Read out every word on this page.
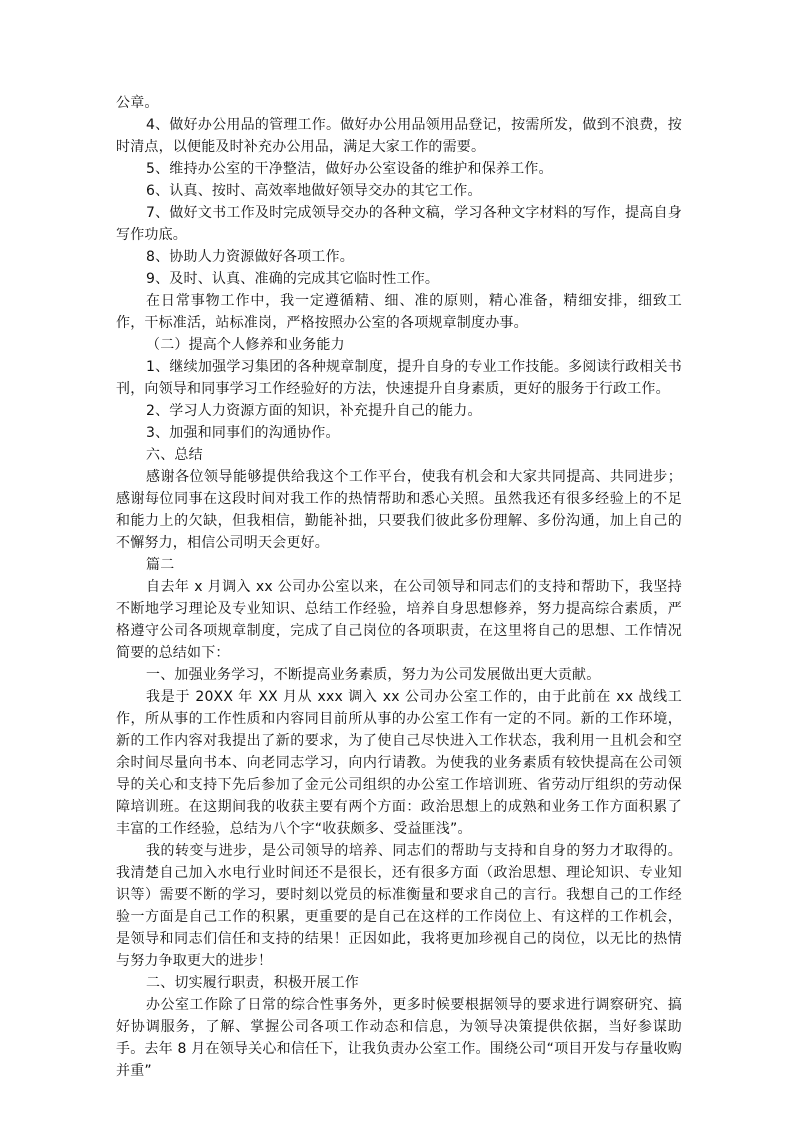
公章。

4、做好办公用品的管理工作。做好办公用品领用品登记，按需所发，做到不浪费，按时清点，以便能及时补充办公用品，满足大家工作的需要。

5、维持办公室的干净整洁，做好办公室设备的维护和保养工作。

6、认真、按时、高效率地做好领导交办的其它工作。

7、做好文书工作及时完成领导交办的各种文稿，学习各种文字材料的写作，提高自身写作功底。

8、协助人力资源做好各项工作。

9、及时、认真、准确的完成其它临时性工作。

在日常事物工作中，我一定遵循精、细、准的原则，精心准备，精细安排，细致工作，干标准活，站标准岗，严格按照办公室的各项规章制度办事。

（二）提高个人修养和业务能力

1、继续加强学习集团的各种规章制度，提升自身的专业工作技能。多阅读行政相关书刊，向领导和同事学习工作经验好的方法，快速提升自身素质，更好的服务于行政工作。

2、学习人力资源方面的知识，补充提升自己的能力。

3、加强和同事们的沟通协作。

六、总结

感谢各位领导能够提供给我这个工作平台，使我有机会和大家共同提高、共同进步；感谢每位同事在这段时间对我工作的热情帮助和悉心关照。虽然我还有很多经验上的不足和能力上的欠缺，但我相信，勤能补拙，只要我们彼此多份理解、多份沟通，加上自己的不懈努力，相信公司明天会更好。

篇二

自去年 x 月调入 xx 公司办公室以来，在公司领导和同志们的支持和帮助下，我坚持不断地学习理论及专业知识、总结工作经验，培养自身思想修养，努力提高综合素质，严格遵守公司各项规章制度，完成了自己岗位的各项职责，在这里将自己的思想、工作情况简要的总结如下：

一、加强业务学习，不断提高业务素质，努力为公司发展做出更大贡献。

我是于 20XX 年 XX 月从 xxx 调入 xx 公司办公室工作的，由于此前在 xx 战线工作，所从事的工作性质和内容同目前所从事的办公室工作有一定的不同。新的工作环境，新的工作内容对我提出了新的要求，为了使自己尽快进入工作状态，我利用一且机会和空余时间尽量向书本、向老同志学习，向内行请教。为使我的业务素质有较快提高在公司领导的关心和支持下先后参加了金元公司组织的办公室工作培训班、省劳动厅组织的劳动保障培训班。在这期间我的收获主要有两个方面：政治思想上的成熟和业务工作方面积累了丰富的工作经验，总结为八个字“收获颇多、受益匪浅”。

我的转变与进步，是公司领导的培养、同志们的帮助与支持和自身的努力才取得的。我清楚自己加入水电行业时间还不是很长，还有很多方面（政治思想、理论知识、专业知识等）需要不断的学习，要时刻以党员的标准衡量和要求自己的言行。我想自己的工作经验一方面是自己工作的积累，更重要的是自己在这样的工作岗位上、有这样的工作机会，是领导和同志们信任和支持的结果！正因如此，我将更加珍视自己的岗位，以无比的热情与努力争取更大的进步！

二、切实履行职责，积极开展工作

办公室工作除了日常的综合性事务外，更多时候要根据领导的要求进行调察研究、搞好协调服务，了解、掌握公司各项工作动态和信息，为领导决策提供依据，当好参谋助手。去年 8 月在领导关心和信任下，让我负责办公室工作。围绕公司“项目开发与存量收购并重”
